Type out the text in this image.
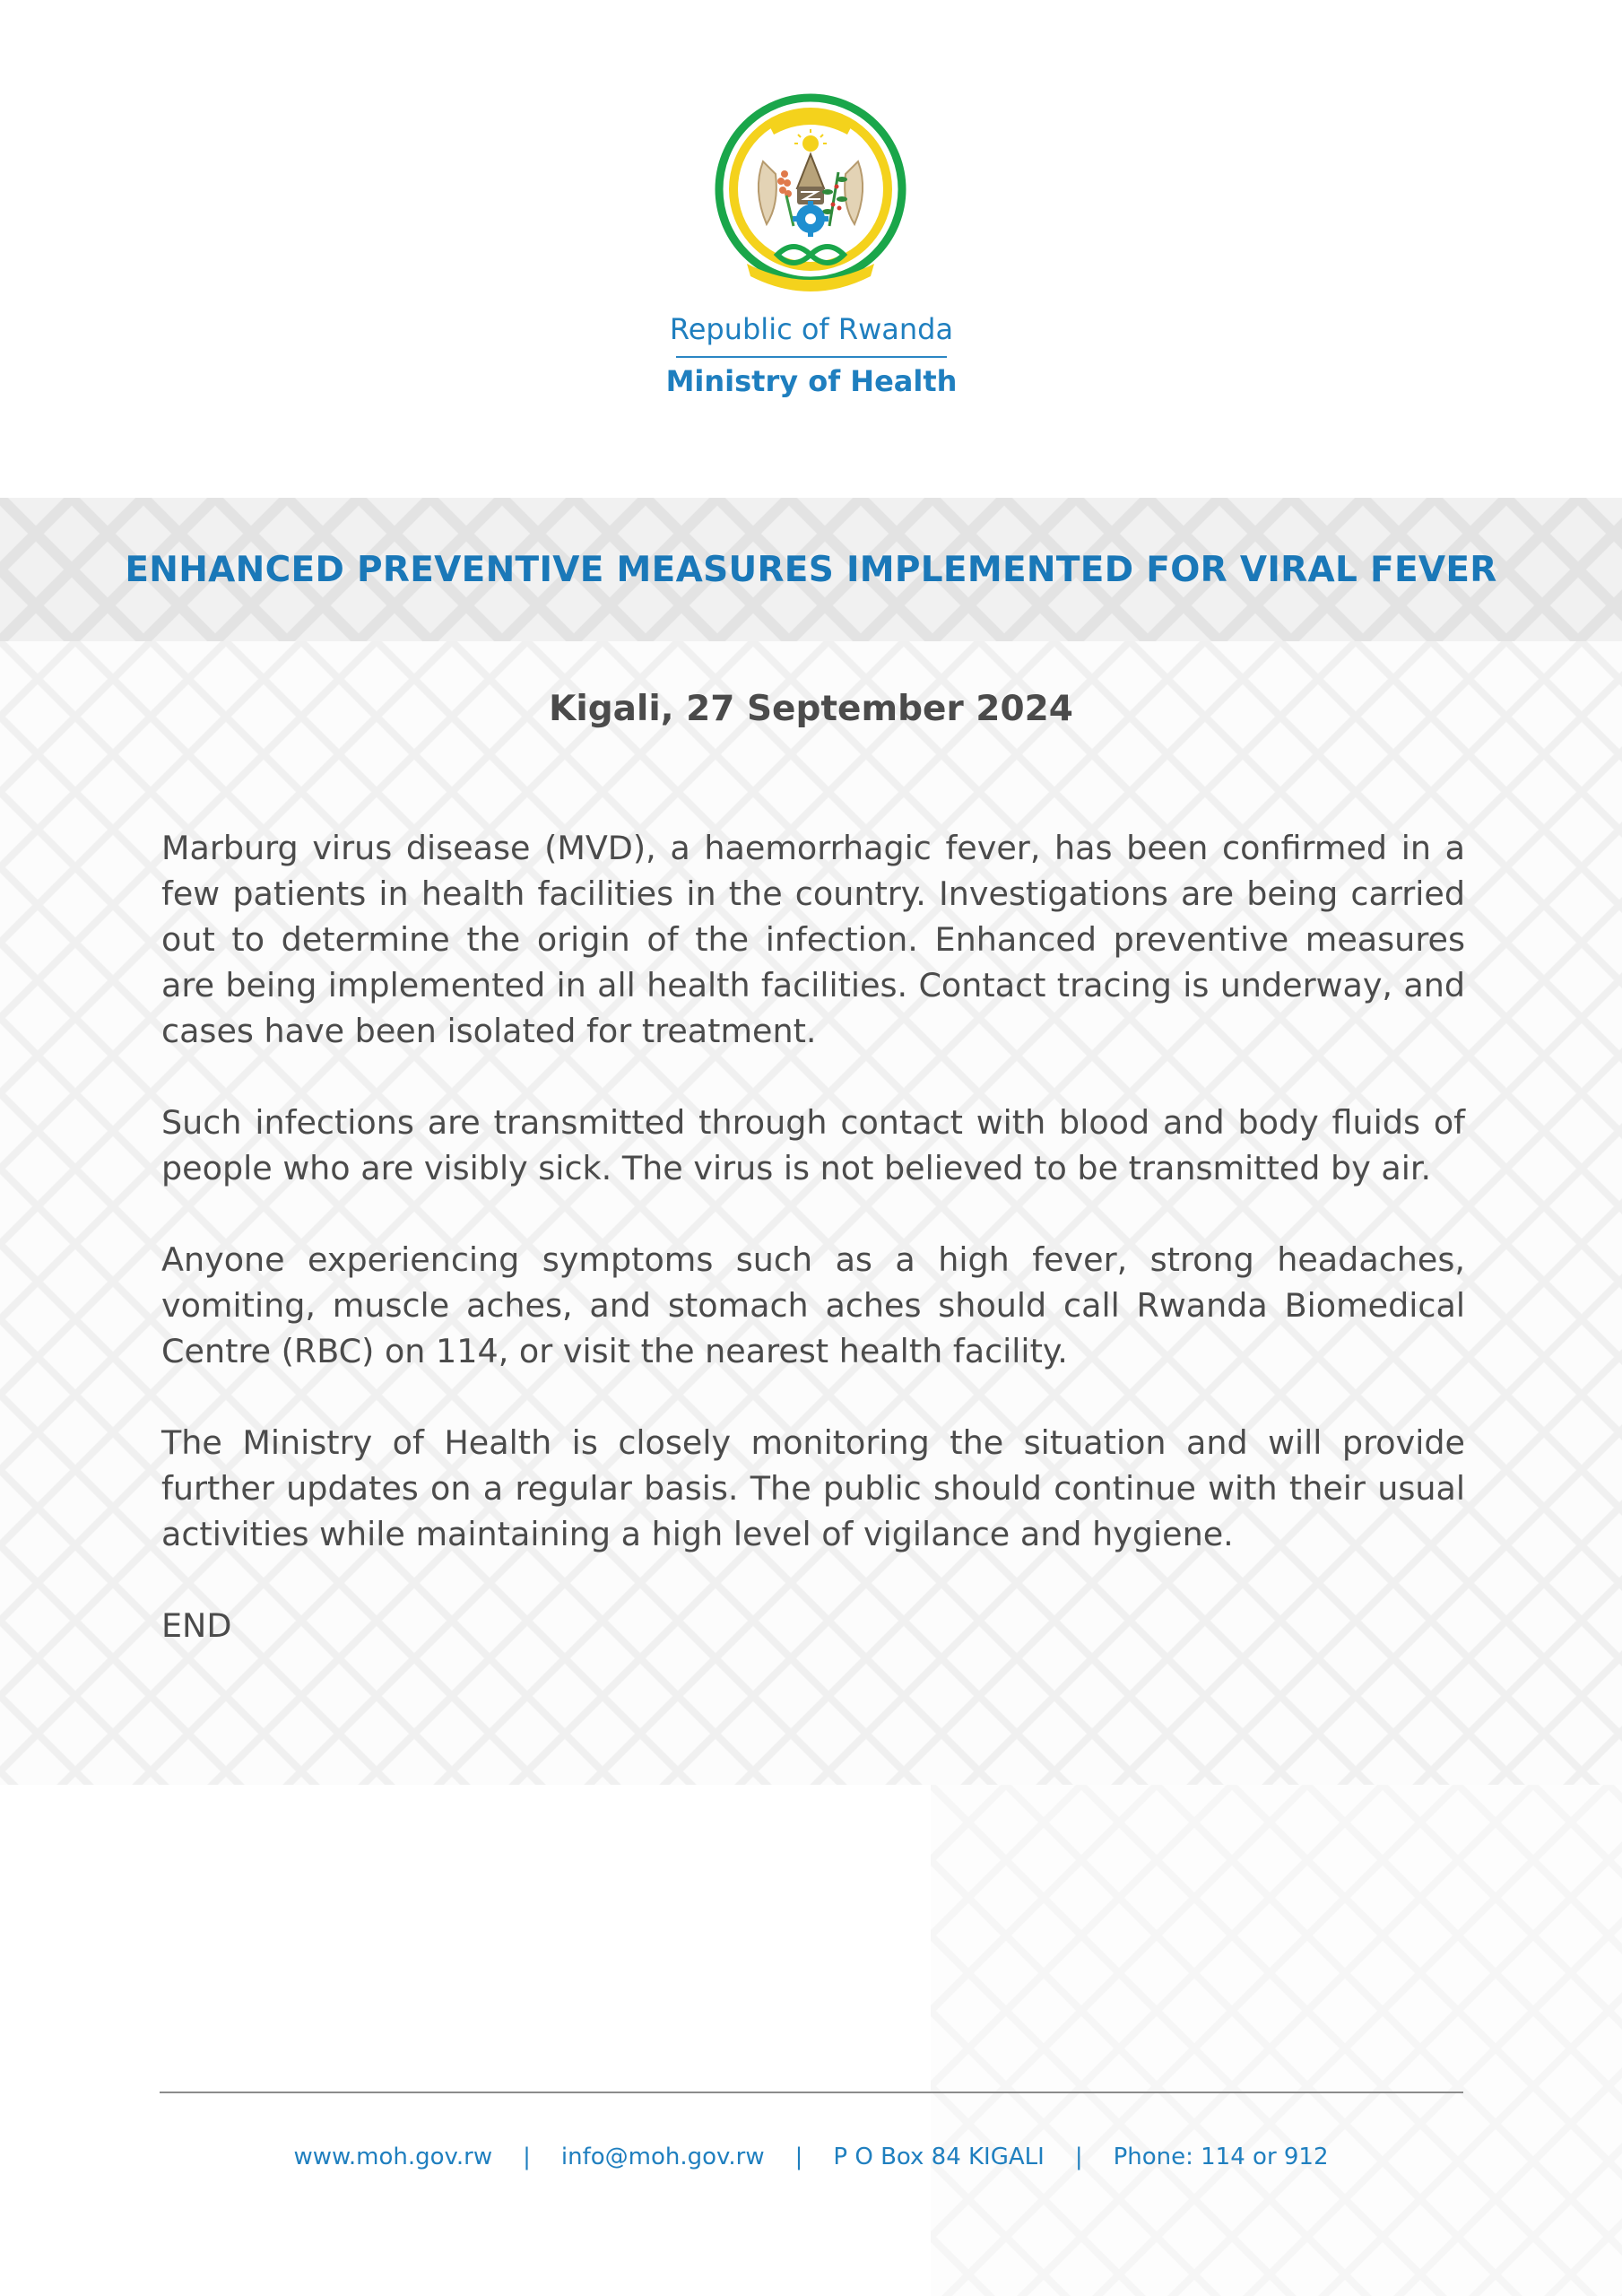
Republic of Rwanda
Ministry of Health
ENHANCED PREVENTIVE MEASURES IMPLEMENTED FOR VIRAL FEVER
Kigali, 27 September 2024

Marburg virus disease (MVD), a haemorrhagic fever, has been confirmed in a few patients in health facilities in the country. Investigations are being carried out to determine the origin of the infection. Enhanced preventive measures are being implemented in all health facilities. Contact tracing is underway, and cases have been isolated for treatment.

Such infections are transmitted through contact with blood and body fluids of people who are visibly sick. The virus is not believed to be transmitted by air.

Anyone experiencing symptoms such as a high fever, strong headaches, vomiting, muscle aches, and stomach aches should call Rwanda Biomedical Centre (RBC) on 114, or visit the nearest health facility.

The Ministry of Health is closely monitoring the situation and will provide further updates on a regular basis. The public should continue with their usual activities while maintaining a high level of vigilance and hygiene.

END

www.moh.gov.rw | info@moh.gov.rw | P O Box 84 KIGALI | Phone: 114 or 912
